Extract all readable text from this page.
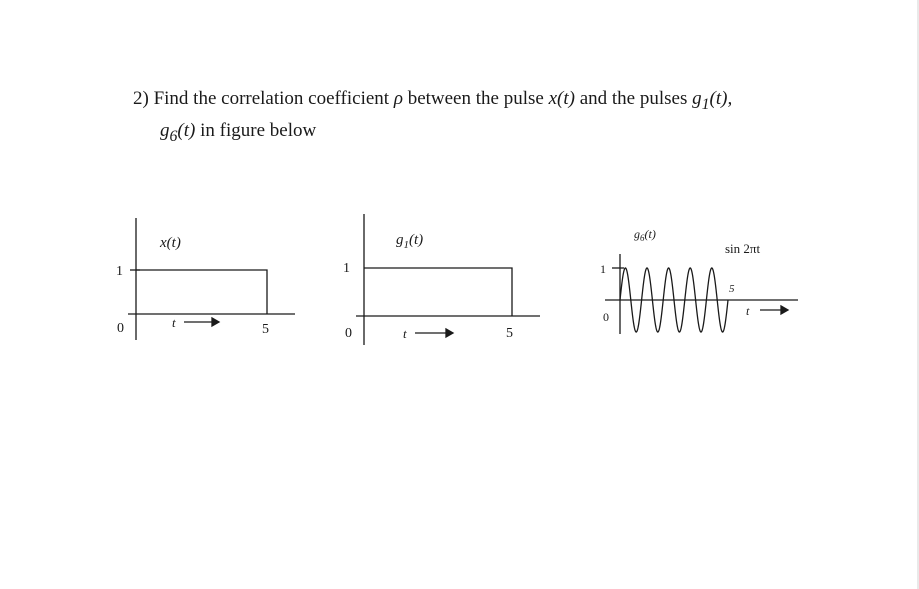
2) Find the correlation coefficient ρ between the pulse x(t) and the pulses $g_1(t)$,
$g_6(t)$ in figure below
x(t)
1
0	5
t
$g_1(t)$
1
0	5
t
$g_6(t)$
sin 2πt
1
0
5
t
